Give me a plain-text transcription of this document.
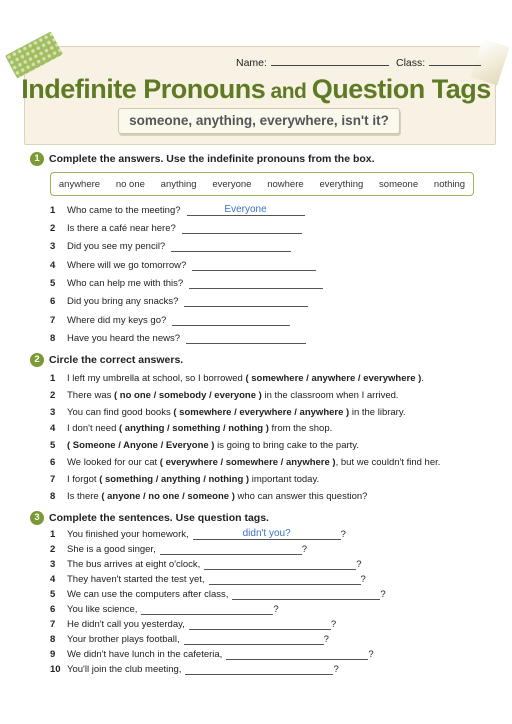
Name:	Class:
Indefinite Pronouns and Question Tags
someone, anything, everywhere, isn't it?
1 Complete the answers. Use the indefinite pronouns from the box.
anywhere no one anything everyone nowhere everything someone nothing
1 Who came to the meeting?	Everyone
2 Is there a café near here?
3 Did you see my pencil?
4 Where will we go tomorrow?
5 Who can help me with this?
6 Did you bring any snacks?
7 Where did my keys go?
8 Have you heard the news?
2 Circle the correct answers.
1 I left my umbrella at school, so I borrowed ( somewhere / anywhere / everywhere ).
2 There was ( no one / somebody / everyone ) in the classroom when I arrived.
3 You can find good books ( somewhere / everywhere / anywhere ) in the library.
4 I don't need ( anything / something / nothing ) from the shop.
5 ( Someone / Anyone / Everyone ) is going to bring cake to the party.
6 We looked for our cat ( everywhere / somewhere / anywhere ), but we couldn't find her.
7 I forgot ( something / anything / nothing ) important today.
8 Is there ( anyone / no one / someone ) who can answer this question?
3 Complete the sentences. Use question tags.
1 You finished your homework,	didn't you?	?
2 She is a good singer,	?
3 The bus arrives at eight o'clock,	?
4 They haven't started the test yet,	?
5 We can use the computers after class,	?
6 You like science,	?
7 He didn't call you yesterday,	?
8 Your brother plays football,	?
9 We didn't have lunch in the cafeteria,	?
10 You'll join the club meeting,	?
